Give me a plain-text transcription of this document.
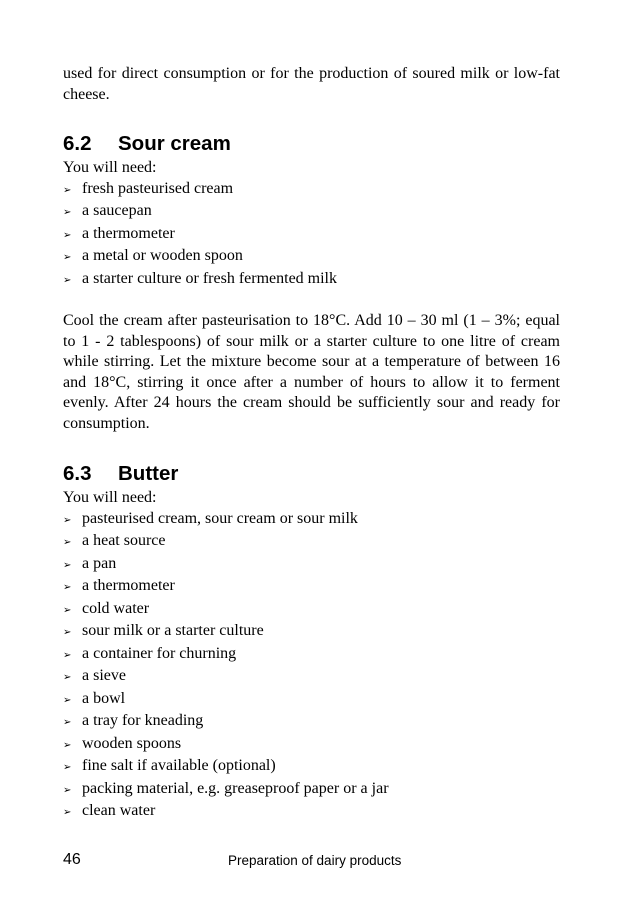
used for direct consumption or for the production of soured milk or low-fat cheese.

6.2	Sour cream

You will need:

➢ fresh pasteurised cream
➢ a saucepan
➢ a thermometer
➢ a metal or wooden spoon
➢ a starter culture or fresh fermented milk

Cool the cream after pasteurisation to 18°C. Add 10 – 30 ml (1 – 3%; equal to 1 - 2 tablespoons) of sour milk or a starter culture to one litre of cream while stirring. Let the mixture become sour at a temperature of between 16 and 18°C, stirring it once after a number of hours to allow it to ferment evenly. After 24 hours the cream should be sufficiently sour and ready for consumption.

6.3	Butter

You will need:

➢ pasteurised cream, sour cream or sour milk
➢ a heat source
➢ a pan
➢ a thermometer
➢ cold water
➢ sour milk or a starter culture
➢ a container for churning
➢ a sieve
➢ a bowl
➢ a tray for kneading
➢ wooden spoons
➢ fine salt if available (optional)
➢ packing material, e.g. greaseproof paper or a jar
➢ clean water
46	Preparation of dairy products
